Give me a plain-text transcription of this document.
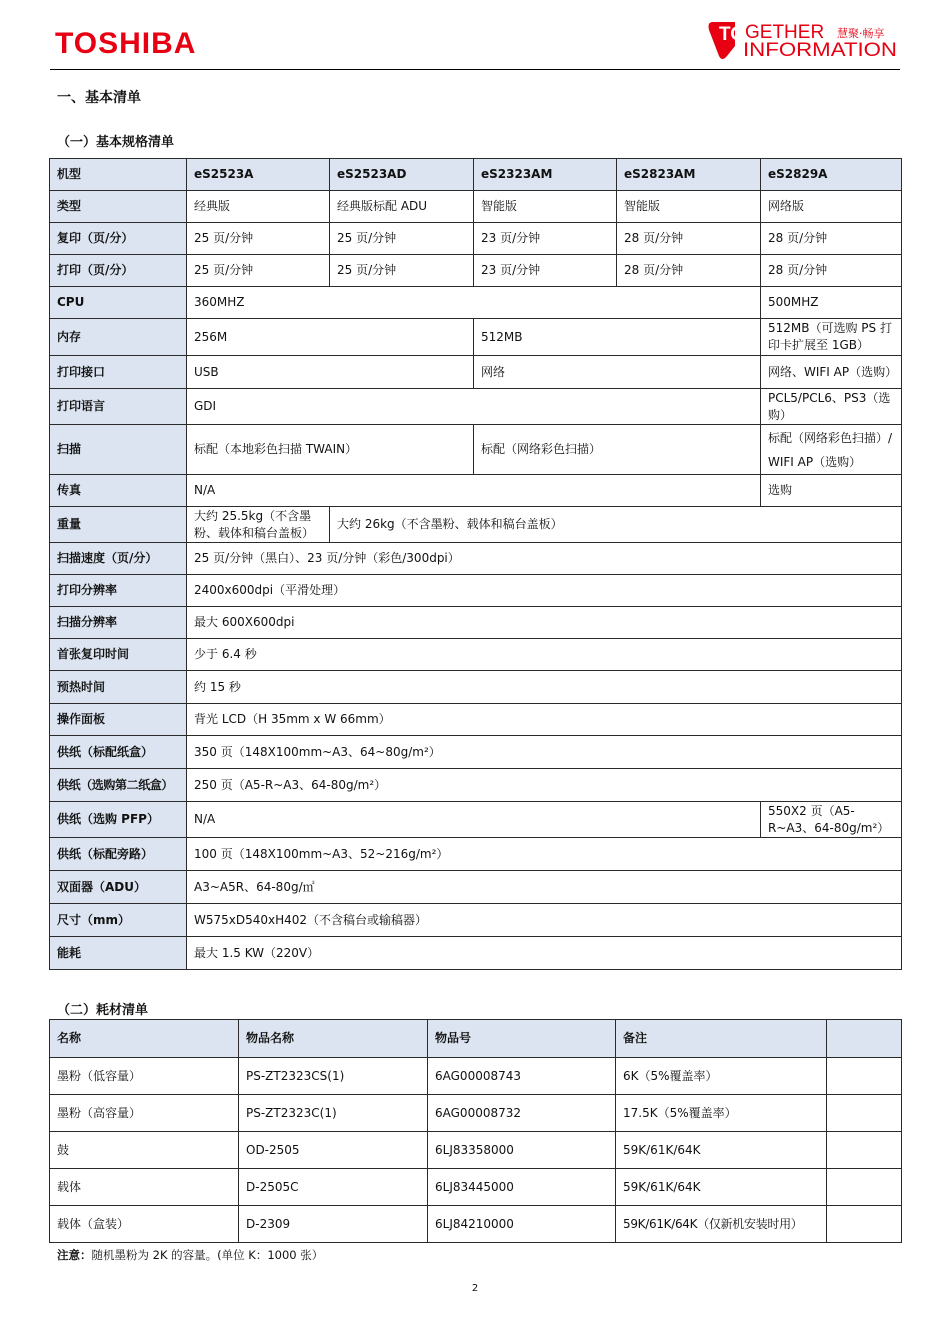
TOSHIBA	TO GETHER 慧聚·畅享
INFORMATION
一、基本清单
（一）基本规格清单
机型	eS2523A	eS2523AD	eS2323AM	eS2823AM	eS2829A
类型	经典版	经典版标配 ADU	智能版	智能版	网络版
复印（页/分）	25 页/分钟	25 页/分钟	23 页/分钟	28 页/分钟	28 页/分钟
打印（页/分）	25 页/分钟	25 页/分钟	23 页/分钟	28 页/分钟	28 页/分钟
CPU	360MHZ				500MHZ
内存	256M		512MB		512MB（可选购 PS 打印卡扩展至 1GB）
打印接口	USB		网络		网络、WIFI AP（选购）
打印语言	GDI				PCL5/PCL6、PS3（选购）
扫描	标配（本地彩色扫描 TWAIN）		标配（网络彩色扫描）		标配（网络彩色扫描）/ WIFI AP（选购）
传真	N/A				选购
重量	大约 25.5kg（不含墨粉、载体和稿台盖板）	大约 26kg（不含墨粉、载体和稿台盖板）			
扫描速度（页/分）	25 页/分钟（黑白）、23 页/分钟（彩色/300dpi）				
打印分辨率	2400x600dpi（平滑处理）				
扫描分辨率	最大 600X600dpi				
首张复印时间	少于 6.4 秒				
预热时间	约 15 秒				
操作面板	背光 LCD（H 35mm x W 66mm）				
供纸（标配纸盒）	350 页（148X100mm~A3、64~80g/m²）				
供纸（选购第二纸盒）	250 页（A5-R~A3、64-80g/m²）				
供纸（选购 PFP）	N/A				550X2 页（A5-R~A3、64-80g/m²）
供纸（标配旁路）	100 页（148X100mm~A3、52~216g/m²）				
双面器（ADU）	A3~A5R、64-80g/㎡				
尺寸（mm）	W575xD540xH402（不含稿台或输稿器）				
能耗	最大 1.5 KW（220V）				
（二）耗材清单
名称	物品名称	物品号	备注	
墨粉（低容量）	PS-ZT2323CS(1)	6AG00008743	6K（5%覆盖率）	
墨粉（高容量）	PS-ZT2323C(1)	6AG00008732	17.5K（5%覆盖率）	
鼓	OD-2505	6LJ83358000	59K/61K/64K	
载体	D-2505C	6LJ83445000	59K/61K/64K	
载体（盒装）	D-2309	6LJ84210000	59K/61K/64K（仅新机安装时用）	
注意：随机墨粉为 2K 的容量。(单位 K：1000 张）
2
